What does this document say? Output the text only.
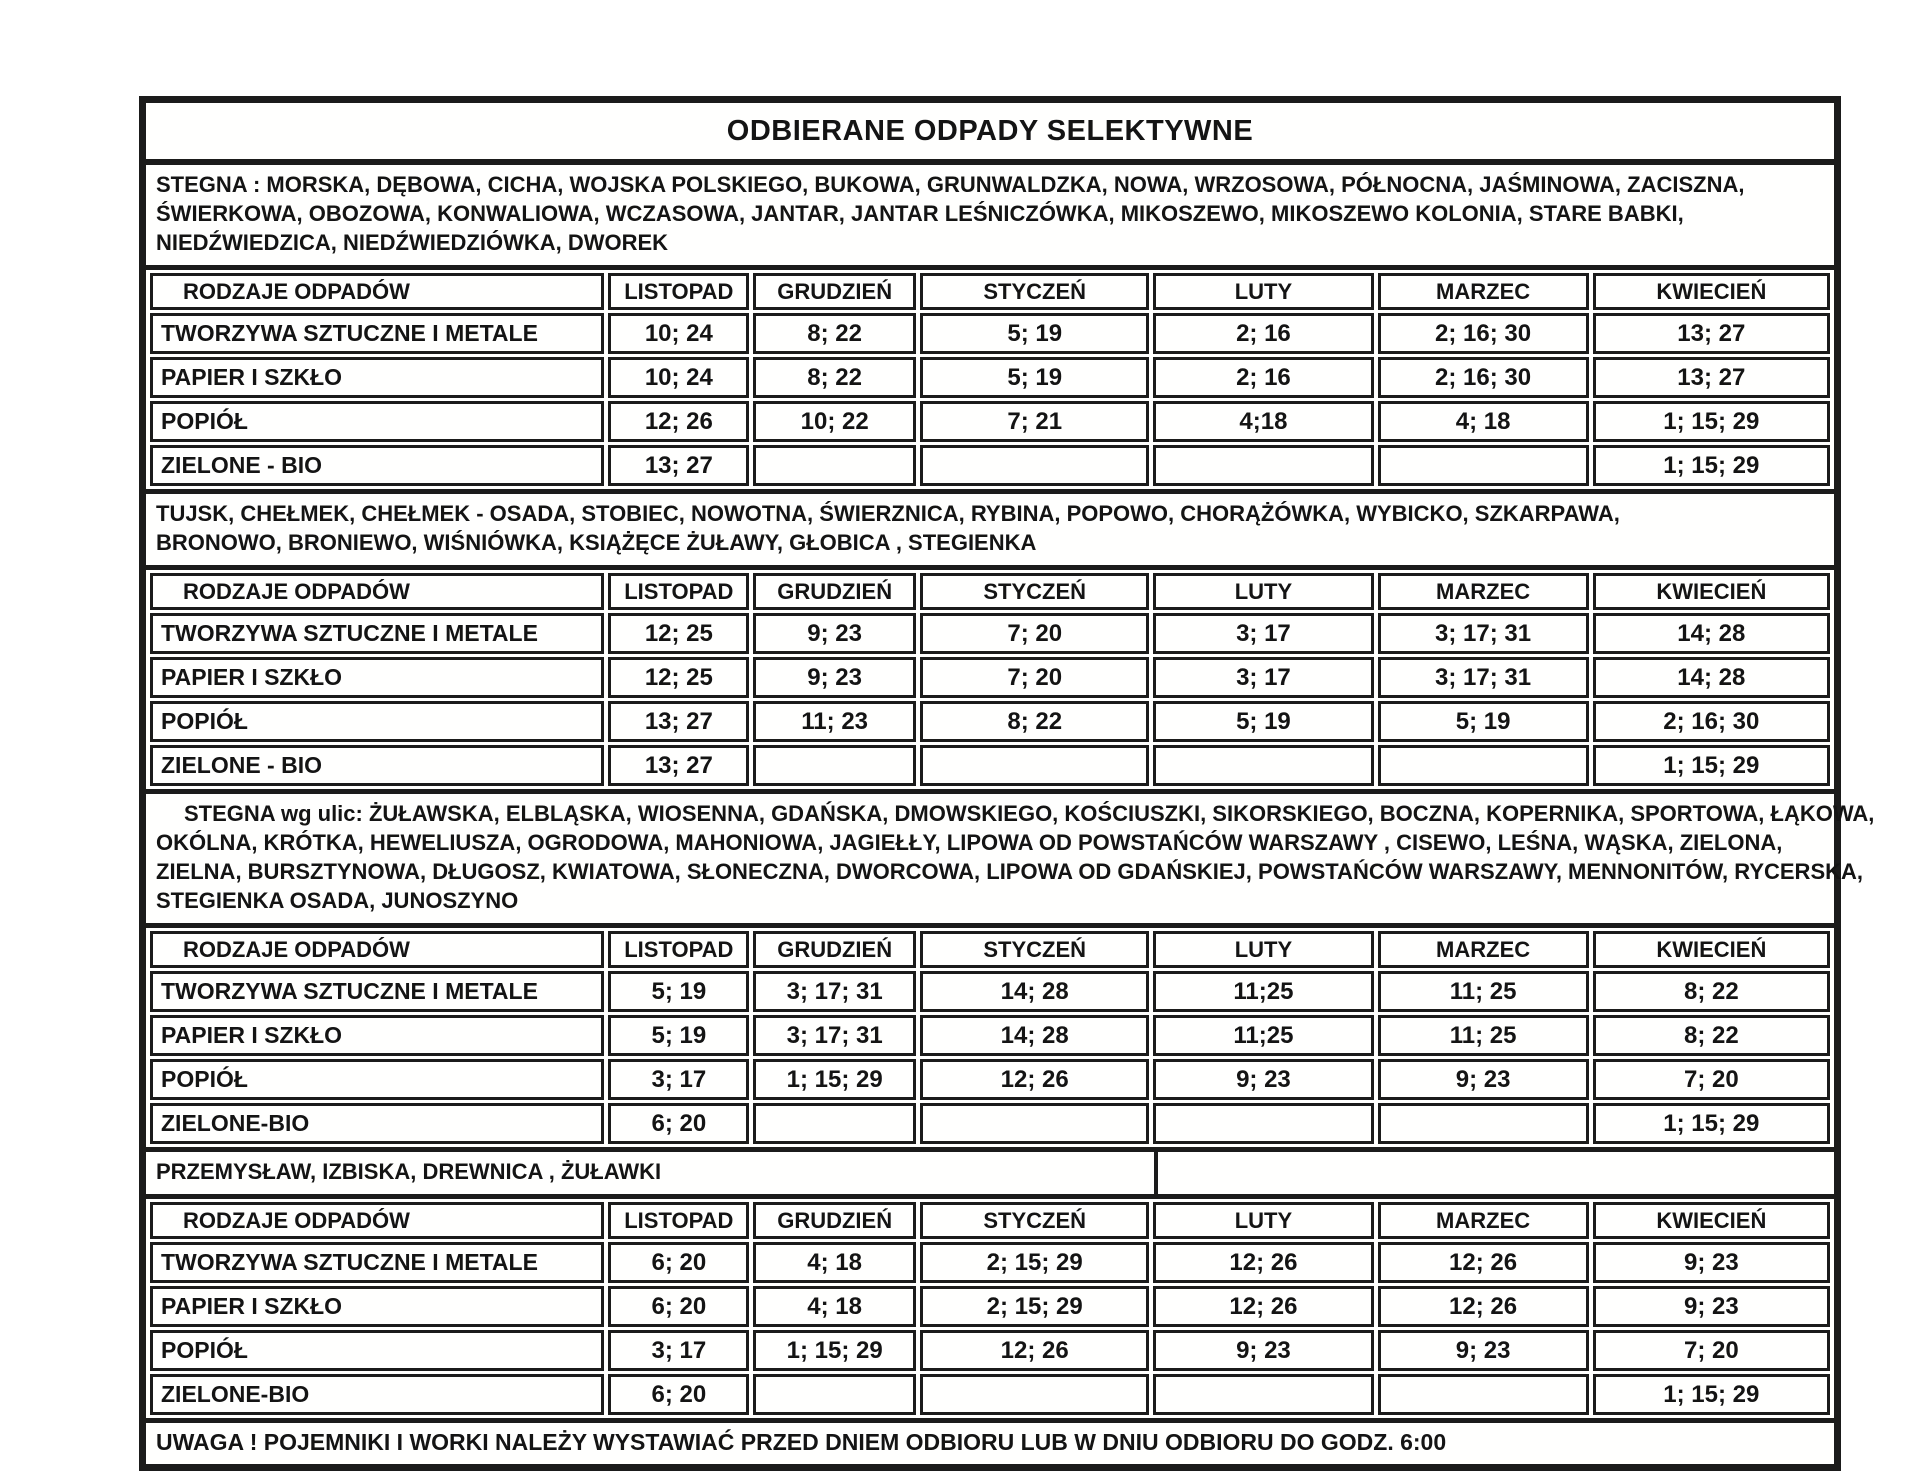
ODBIERANE ODPADY SELEKTYWNE
STEGNA : MORSKA, DĘBOWA, CICHA, WOJSKA POLSKIEGO, BUKOWA, GRUNWALDZKA, NOWA, WRZOSOWA, PÓŁNOCNA, JAŚMINOWA, ZACISZNA,
ŚWIERKOWA, OBOZOWA, KONWALIOWA, WCZASOWA, JANTAR, JANTAR LEŚNICZÓWKA, MIKOSZEWO, MIKOSZEWO KOLONIA, STARE BABKI,
NIEDŹWIEDZICA, NIEDŹWIEDZIÓWKA, DWOREK
RODZAJE ODPADÓW	LISTOPAD	GRUDZIEŃ	STYCZEŃ	LUTY	MARZEC	KWIECIEŃ
TWORZYWA SZTUCZNE I METALE	10; 24	8; 22	5; 19	2; 16	2; 16; 30	13; 27
PAPIER I SZKŁO	10; 24	8; 22	5; 19	2; 16	2; 16; 30	13; 27
POPIÓŁ	12; 26	10; 22	7; 21	4;18	4; 18	1; 15; 29
ZIELONE - BIO	13; 27					1; 15; 29
TUJSK, CHEŁMEK, CHEŁMEK - OSADA, STOBIEC, NOWOTNA, ŚWIERZNICA, RYBINA, POPOWO, CHORĄŻÓWKA, WYBICKO, SZKARPAWA,
BRONOWO, BRONIEWO, WIŚNIÓWKA, KSIĄŻĘCE ŻUŁAWY, GŁOBICA , STEGIENKA
RODZAJE ODPADÓW	LISTOPAD	GRUDZIEŃ	STYCZEŃ	LUTY	MARZEC	KWIECIEŃ
TWORZYWA SZTUCZNE I METALE	12; 25	9; 23	7; 20	3; 17	3; 17; 31	14; 28
PAPIER I SZKŁO	12; 25	9; 23	7; 20	3; 17	3; 17; 31	14; 28
POPIÓŁ	13; 27	11; 23	8; 22	5; 19	5; 19	2; 16; 30
ZIELONE - BIO	13; 27					1; 15; 29
STEGNA wg ulic: ŻUŁAWSKA, ELBLĄSKA, WIOSENNA, GDAŃSKA, DMOWSKIEGO, KOŚCIUSZKI, SIKORSKIEGO, BOCZNA, KOPERNIKA, SPORTOWA, ŁĄKOWA,
OKÓLNA, KRÓTKA, HEWELIUSZA, OGRODOWA, MAHONIOWA, JAGIEŁŁY, LIPOWA OD POWSTAŃCÓW WARSZAWY , CISEWO, LEŚNA, WĄSKA, ZIELONA,
ZIELNA, BURSZTYNOWA, DŁUGOSZ, KWIATOWA, SŁONECZNA, DWORCOWA, LIPOWA OD GDAŃSKIEJ, POWSTAŃCÓW WARSZAWY, MENNONITÓW, RYCERSKA,
STEGIENKA OSADA, JUNOSZYNO
RODZAJE ODPADÓW	LISTOPAD	GRUDZIEŃ	STYCZEŃ	LUTY	MARZEC	KWIECIEŃ
TWORZYWA SZTUCZNE I METALE	5; 19	3; 17; 31	14; 28	11;25	11; 25	8; 22
PAPIER I SZKŁO	5; 19	3; 17; 31	14; 28	11;25	11; 25	8; 22
POPIÓŁ	3; 17	1; 15; 29	12; 26	9; 23	9; 23	7; 20
ZIELONE-BIO	6; 20					1; 15; 29
PRZEMYSŁAW, IZBISKA, DREWNICA , ŻUŁAWKI
RODZAJE ODPADÓW	LISTOPAD	GRUDZIEŃ	STYCZEŃ	LUTY	MARZEC	KWIECIEŃ
TWORZYWA SZTUCZNE I METALE	6; 20	4; 18	2; 15; 29	12; 26	12; 26	9; 23
PAPIER I SZKŁO	6; 20	4; 18	2; 15; 29	12; 26	12; 26	9; 23
POPIÓŁ	3; 17	1; 15; 29	12; 26	9; 23	9; 23	7; 20
ZIELONE-BIO	6; 20					1; 15; 29
UWAGA ! POJEMNIKI I WORKI NALEŻY WYSTAWIAĆ PRZED DNIEM ODBIORU LUB W DNIU ODBIORU DO GODZ. 6:00
